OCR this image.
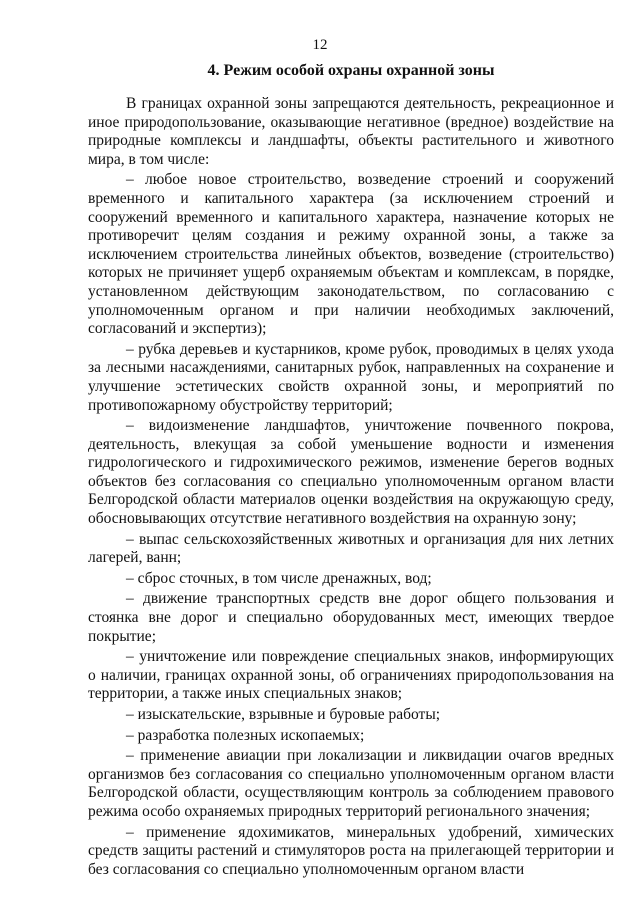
12
4. Режим особой охраны охранной зоны

В границах охранной зоны запрещаются деятельность, рекреационное и иное природопользование, оказывающие негативное (вредное) воздействие на природные комплексы и ландшафты, объекты растительного и животного мира, в том числе:

– любое новое строительство, возведение строений и сооружений временного и капитального характера (за исключением строений и сооружений временного и капитального характера, назначение которых не противоречит целям создания и режиму охранной зоны, а также за исключением строительства линейных объектов, возведение (строительство) которых не причиняет ущерб охраняемым объектам и комплексам, в порядке, установленном действующим законодательством, по согласованию с уполномоченным органом и при наличии необходимых заключений, согласований и экспертиз);

– рубка деревьев и кустарников, кроме рубок, проводимых в целях ухода за лесными насаждениями, санитарных рубок, направленных на сохранение и улучшение эстетических свойств охранной зоны, и мероприятий по противопожарному обустройству территорий;

– видоизменение ландшафтов, уничтожение почвенного покрова, деятельность, влекущая за собой уменьшение водности и изменения гидрологического и гидрохимического режимов, изменение берегов водных объектов без согласования со специально уполномоченным органом власти Белгородской области материалов оценки воздействия на окружающую среду, обосновывающих отсутствие негативного воздействия на охранную зону;

– выпас сельскохозяйственных животных и организация для них летних лагерей, ванн;

– сброс сточных, в том числе дренажных, вод;

– движение транспортных средств вне дорог общего пользования и стоянка вне дорог и специально оборудованных мест, имеющих твердое покрытие;

– уничтожение или повреждение специальных знаков, информирующих о наличии, границах охранной зоны, об ограничениях природопользования на территории, а также иных специальных знаков;

– изыскательские, взрывные и буровые работы;

– разработка полезных ископаемых;

– применение авиации при локализации и ликвидации очагов вредных организмов без согласования со специально уполномоченным органом власти Белгородской области, осуществляющим контроль за соблюдением правового режима особо охраняемых природных территорий регионального значения;

– применение ядохимикатов, минеральных удобрений, химических средств защиты растений и стимуляторов роста на прилегающей территории и без согласования со специально уполномоченным органом власти
